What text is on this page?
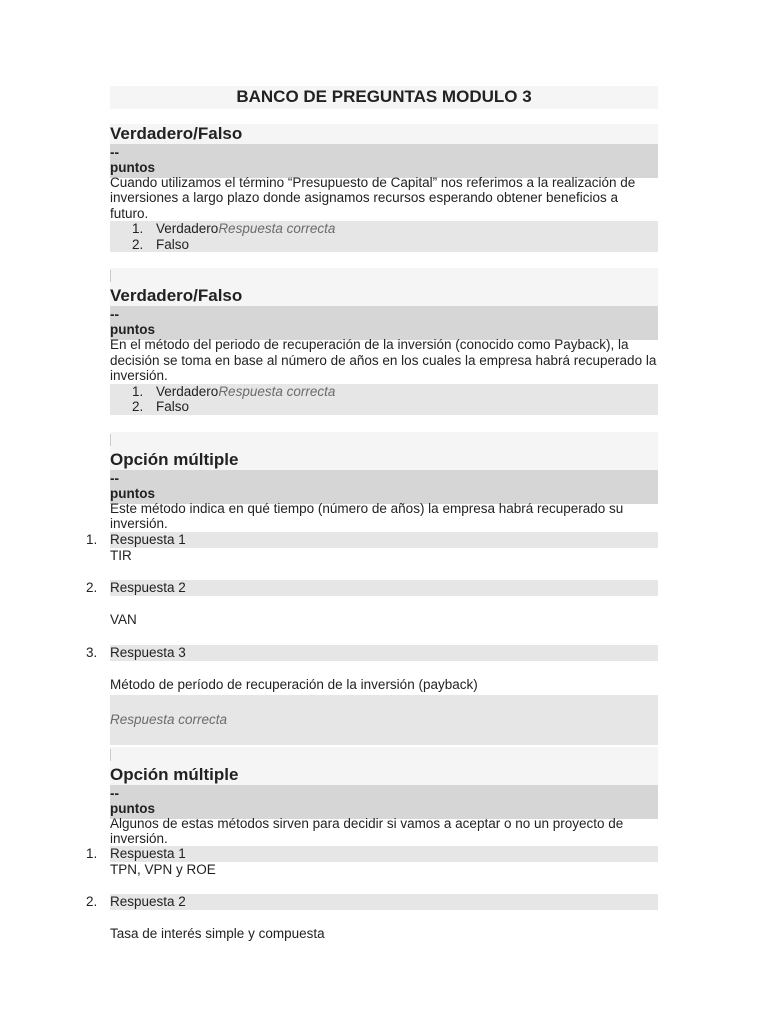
BANCO DE PREGUNTAS MODULO 3
Verdadero/Falso
--
puntos
Cuando utilizamos el término “Presupuesto de Capital” nos referimos a la realización de inversiones a largo plazo donde asignamos recursos esperando obtener beneficios a futuro.
VerdaderoRespuesta correcta
Falso
Verdadero/Falso
--
puntos
En el método del periodo de recuperación de la inversión (conocido como Payback), la decisión se toma en base al número de años en los cuales la empresa habrá recuperado la inversión.
VerdaderoRespuesta correcta
Falso
Opción múltiple
--
puntos
Este método indica en qué tiempo (número de años) la empresa habrá recuperado su inversión.
1. Respuesta 1
TIR
2. Respuesta 2
VAN
3. Respuesta 3
Método de período de recuperación de la inversión (payback)
Respuesta correcta
Opción múltiple
--
puntos
Algunos de estas métodos sirven para decidir si vamos a aceptar o no un proyecto de inversión.
1. Respuesta 1
TPN, VPN y ROE
2. Respuesta 2
Tasa de interés simple y compuesta
